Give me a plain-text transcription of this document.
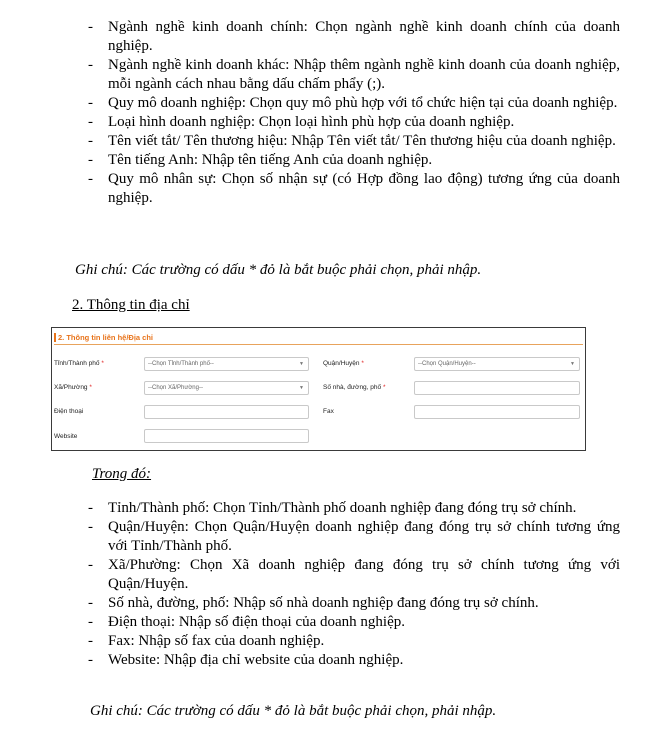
- Ngành nghề kinh doanh chính: Chọn ngành nghề kinh doanh chính của doanh nghiệp.
- Ngành nghề kinh doanh khác: Nhập thêm ngành nghề kinh doanh của doanh nghiệp, mỗi ngành cách nhau bằng dấu chấm phẩy (;).
- Quy mô doanh nghiệp: Chọn quy mô phù hợp với tổ chức hiện tại của doanh nghiệp.
- Loại hình doanh nghiệp: Chọn loại hình phù hợp của doanh nghiệp.
- Tên viết tắt/ Tên thương hiệu: Nhập Tên viết tắt/ Tên thương hiệu của doanh nghiệp.
- Tên tiếng Anh: Nhập tên tiếng Anh của doanh nghiệp.
- Quy mô nhân sự: Chọn số nhận sự (có Hợp đồng lao động) tương ứng của doanh nghiệp.
Ghi chú: Các trường có dấu * đỏ là bắt buộc phải chọn, phải nhập.
2. Thông tin địa chỉ
2. Thông tin liên hệ/Địa chỉ
Tỉnh/Thành phố *	--Chọn Tỉnh/Thành phố--	▼	Quận/Huyện *	--Chọn Quận/Huyện--	▼
Xã/Phường *	--Chọn Xã/Phường--	▼	Số nhà, đường, phố *
Điện thoại	Fax
Website
Trong đó:
- Tỉnh/Thành phố: Chọn Tỉnh/Thành phố doanh nghiệp đang đóng trụ sở chính.
- Quận/Huyện: Chọn Quận/Huyện doanh nghiệp đang đóng trụ sở chính tương ứng với Tỉnh/Thành phố.
- Xã/Phường: Chọn Xã doanh nghiệp đang đóng trụ sở chính tương ứng với Quận/Huyện.
- Số nhà, đường, phố: Nhập số nhà doanh nghiệp đang đóng trụ sở chính.
- Điện thoại: Nhập số điện thoại của doanh nghiệp.
- Fax: Nhập số fax của doanh nghiệp.
- Website: Nhập địa chỉ website của doanh nghiệp.
Ghi chú: Các trường có dấu * đỏ là bắt buộc phải chọn, phải nhập.
